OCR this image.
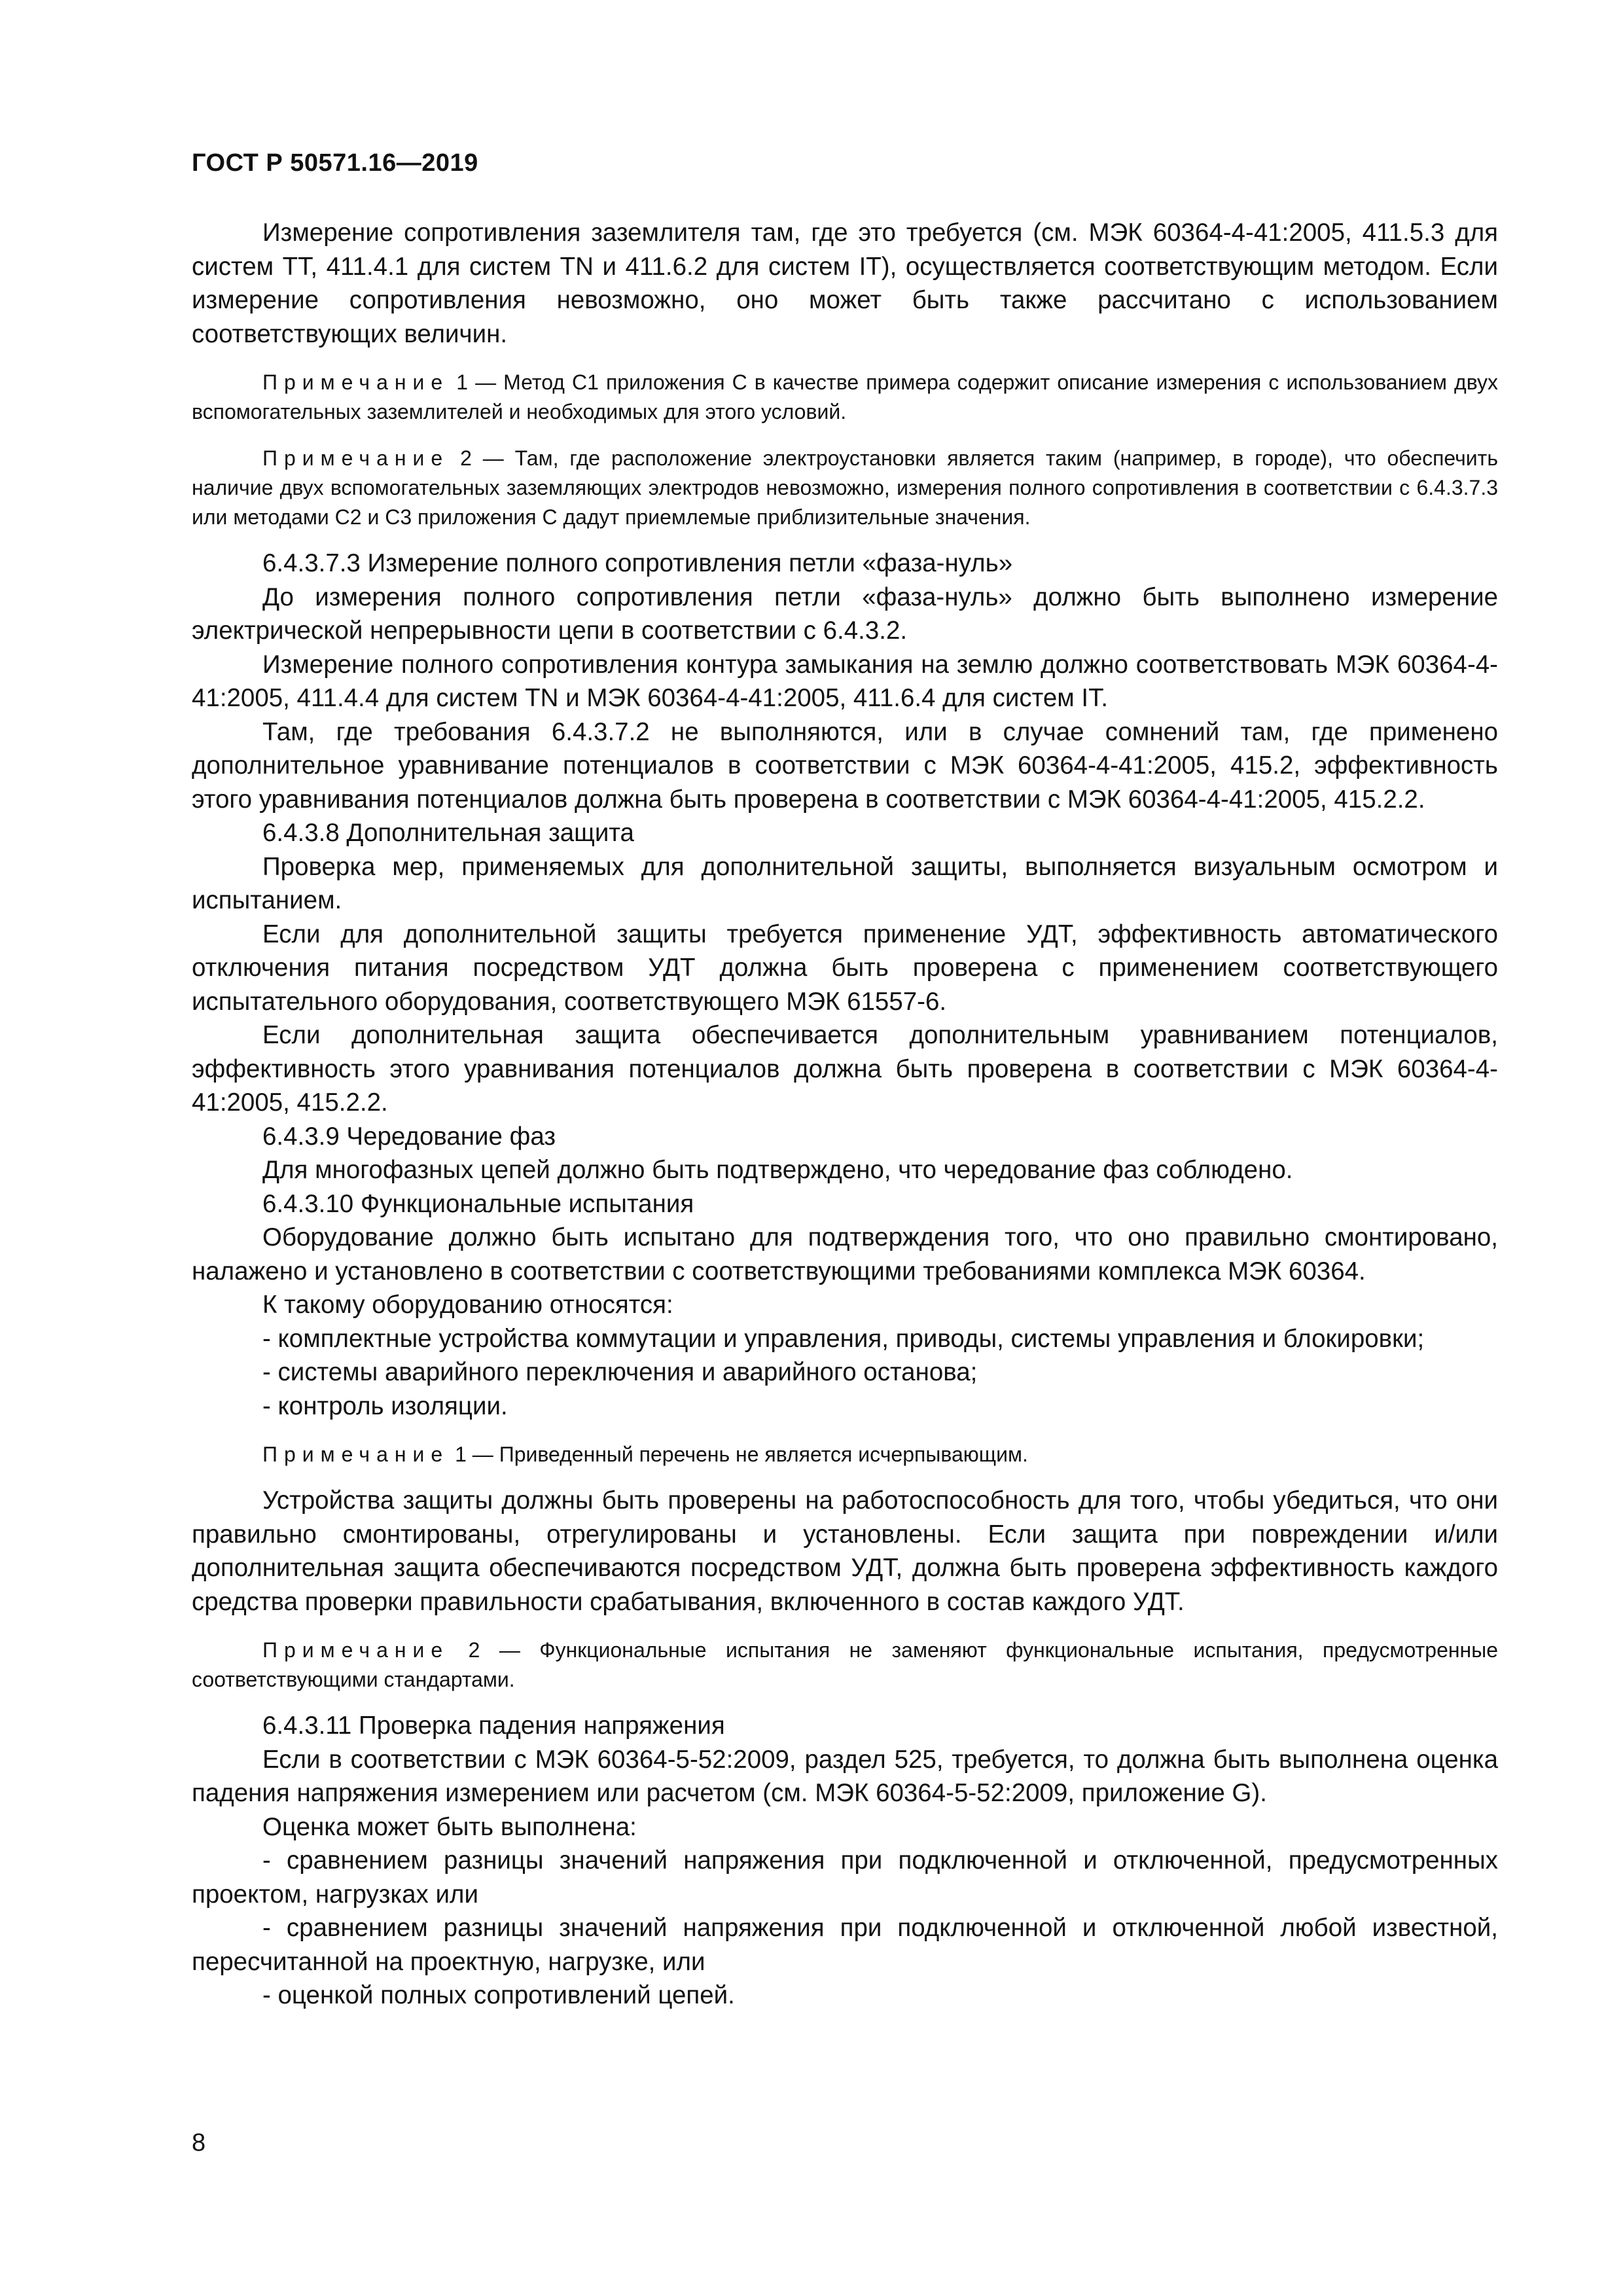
ГОСТ Р 50571.16—2019

Измерение сопротивления заземлителя там, где это требуется (см. МЭК 60364-4-41:2005, 411.5.3 для систем ТТ, 411.4.1 для систем TN и 411.6.2 для систем IT), осуществляется соответствующим методом. Если измерение сопротивления невозможно, оно может быть также рассчитано с использованием соответствующих величин.

Примечание 1 — Метод С1 приложения С в качестве примера содержит описание измерения с использованием двух вспомогательных заземлителей и необходимых для этого условий.

Примечание 2 — Там, где расположение электроустановки является таким (например, в городе), что обеспечить наличие двух вспомогательных заземляющих электродов невозможно, измерения полного сопротивления в соответствии с 6.4.3.7.3 или методами С2 и С3 приложения С дадут приемлемые приблизительные значения.

6.4.3.7.3 Измерение полного сопротивления петли «фаза-нуль»

До измерения полного сопротивления петли «фаза-нуль» должно быть выполнено измерение электрической непрерывности цепи в соответствии с 6.4.3.2.

Измерение полного сопротивления контура замыкания на землю должно соответствовать МЭК 60364-4-41:2005, 411.4.4 для систем TN и МЭК 60364-4-41:2005, 411.6.4 для систем IT.

Там, где требования 6.4.3.7.2 не выполняются, или в случае сомнений там, где применено дополнительное уравнивание потенциалов в соответствии с МЭК 60364-4-41:2005, 415.2, эффективность этого уравнивания потенциалов должна быть проверена в соответствии с МЭК 60364-4-41:2005, 415.2.2.

6.4.3.8 Дополнительная защита

Проверка мер, применяемых для дополнительной защиты, выполняется визуальным осмотром и испытанием.

Если для дополнительной защиты требуется применение УДТ, эффективность автоматического отключения питания посредством УДТ должна быть проверена с применением соответствующего испытательного оборудования, соответствующего МЭК 61557-6.

Если дополнительная защита обеспечивается дополнительным уравниванием потенциалов, эффективность этого уравнивания потенциалов должна быть проверена в соответствии с МЭК 60364-4-41:2005, 415.2.2.

6.4.3.9 Чередование фаз

Для многофазных цепей должно быть подтверждено, что чередование фаз соблюдено.

6.4.3.10 Функциональные испытания

Оборудование должно быть испытано для подтверждения того, что оно правильно смонтировано, налажено и установлено в соответствии с соответствующими требованиями комплекса МЭК 60364.

К такому оборудованию относятся:

- комплектные устройства коммутации и управления, приводы, системы управления и блокировки;

- системы аварийного переключения и аварийного останова;

- контроль изоляции.

Примечание 1 — Приведенный перечень не является исчерпывающим.

Устройства защиты должны быть проверены на работоспособность для того, чтобы убедиться, что они правильно смонтированы, отрегулированы и установлены. Если защита при повреждении и/или дополнительная защита обеспечиваются посредством УДТ, должна быть проверена эффективность каждого средства проверки правильности срабатывания, включенного в состав каждого УДТ.

Примечание 2 — Функциональные испытания не заменяют функциональные испытания, предусмотренные соответствующими стандартами.

6.4.3.11 Проверка падения напряжения

Если в соответствии с МЭК 60364-5-52:2009, раздел 525, требуется, то должна быть выполнена оценка падения напряжения измерением или расчетом (см. МЭК 60364-5-52:2009, приложение G).

Оценка может быть выполнена:

- сравнением разницы значений напряжения при подключенной и отключенной, предусмотренных проектом, нагрузках или

- сравнением разницы значений напряжения при подключенной и отключенной любой известной, пересчитанной на проектную, нагрузке, или

- оценкой полных сопротивлений цепей.

8
